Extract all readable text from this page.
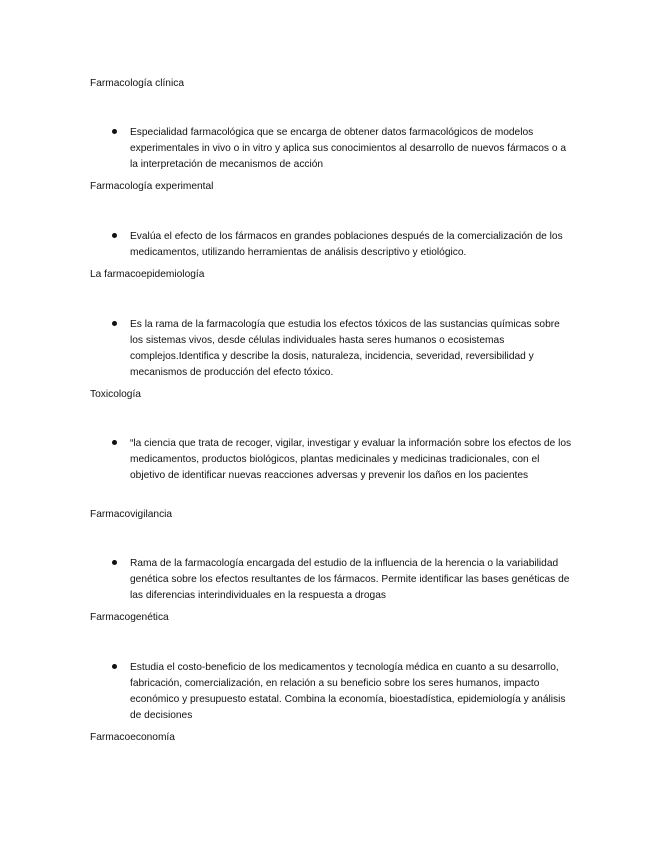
Farmacología clínica
Especialidad farmacológica que se encarga de obtener datos farmacológicos de modelos experimentales in vivo o in vitro y aplica sus conocimientos al desarrollo de nuevos fármacos o a la interpretación de mecanismos de acción
Farmacología experimental
Evalúa el efecto de los fármacos en grandes poblaciones después de la comercialización de los medicamentos, utilizando herramientas de análisis descriptivo y etiológico.
La farmacoepidemiología
Es la rama de la farmacología que estudia los efectos tóxicos de las sustancias químicas sobre los sistemas vivos, desde células individuales hasta seres humanos o ecosistemas complejos.Identifica y describe la dosis, naturaleza, incidencia, severidad, reversibilidad y mecanismos de producción del efecto tóxico.
Toxicología
“la ciencia que trata de recoger, vigilar, investigar y evaluar la información sobre los efectos de los medicamentos, productos biológicos, plantas medicinales y medicinas tradicionales, con el objetivo de identificar nuevas reacciones adversas y prevenir los daños en los pacientes
Farmacovigilancia
Rama de la farmacología encargada del estudio de la influencia de la herencia o la variabilidad genética sobre los efectos resultantes de los fármacos. Permite identificar las bases genéticas de las diferencias interindividuales en la respuesta a drogas
Farmacogenética
Estudia el costo-beneficio de los medicamentos y tecnología médica en cuanto a su desarrollo, fabricación, comercialización, en relación a su beneficio sobre los seres humanos, impacto económico y presupuesto estatal. Combina la economía, bioestadística, epidemiología y análisis de decisiones
Farmacoeconomía
